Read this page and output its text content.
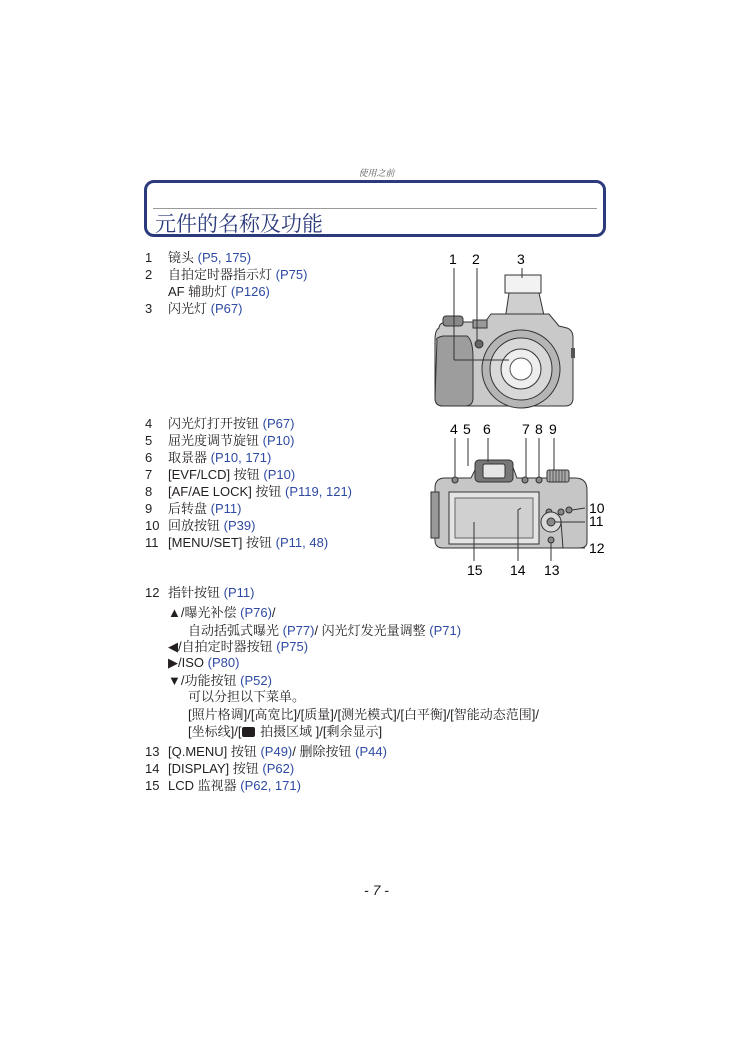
使用之前
元件的名称及功能
1 镜头 (P5, 175)
2 自拍定时器指示灯 (P75)
AF 辅助灯 (P126)
3 闪光灯 (P67)
1 2	3
4 闪光灯打开按钮 (P67)
5 屈光度调节旋钮 (P10)
6 取景器 (P10, 171)
7 [EVF/LCD] 按钮 (P10)
8 [AF/AE LOCK] 按钮 (P119, 121)
9 后转盘 (P11)
10 回放按钮 (P39)
11 [MENU/SET] 按钮 (P11, 48)
4 5 6 7 8 9
10
11
12
15 14 13
12 指针按钮 (P11)
▲/曝光补偿 (P76)/
自动括弧式曝光 (P77)/ 闪光灯发光量调整 (P71)
◀/自拍定时器按钮 (P75)
▶/ISO (P80)
▼/功能按钮 (P52)
可以分担以下菜单。
[照片格调]/[高宽比]/[质量]/[测光模式]/[白平衡]/[智能动态范围]/
[坐标线]/[ 拍摄区域 ]/[剩余显示]
13 [Q.MENU] 按钮 (P49)/ 删除按钮 (P44)
14 [DISPLAY] 按钮 (P62)
15 LCD 监视器 (P62, 171)
- 7 -
